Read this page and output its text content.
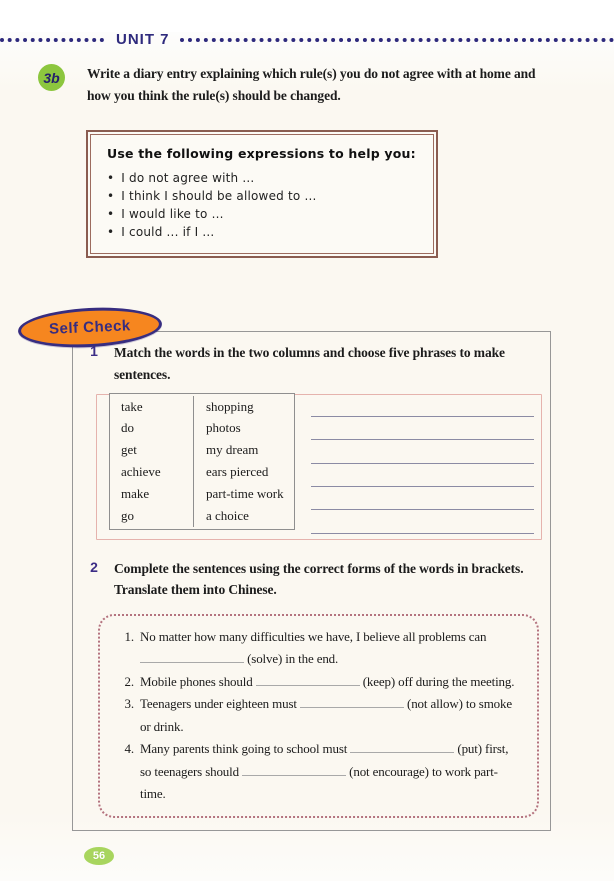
UNIT 7
3b	Write a diary entry explaining which rule(s) you do not agree with at home and how you think the rule(s) should be changed.
Use the following expressions to help you:
• I do not agree with ...
• I think I should be allowed to ...
• I would like to ...
• I could ... if I ...
Self Check
1	Match the words in the two columns and choose five phrases to make sentences.
take	shopping
do	photos
get	my dream
achieve	ears pierced
make	part-time work
go	a choice
2	Complete the sentences using the correct forms of the words in brackets. Translate them into Chinese.
1. No matter how many difficulties we have, I believe all problems can  (solve) in the end.
2. Mobile phones should	(keep) off during the meeting.
3. Teenagers under eighteen must	(not allow) to smoke or drink.
4. Many parents think going to school must	(put) first, so teenagers should	(not encourage) to work part-time.
56
